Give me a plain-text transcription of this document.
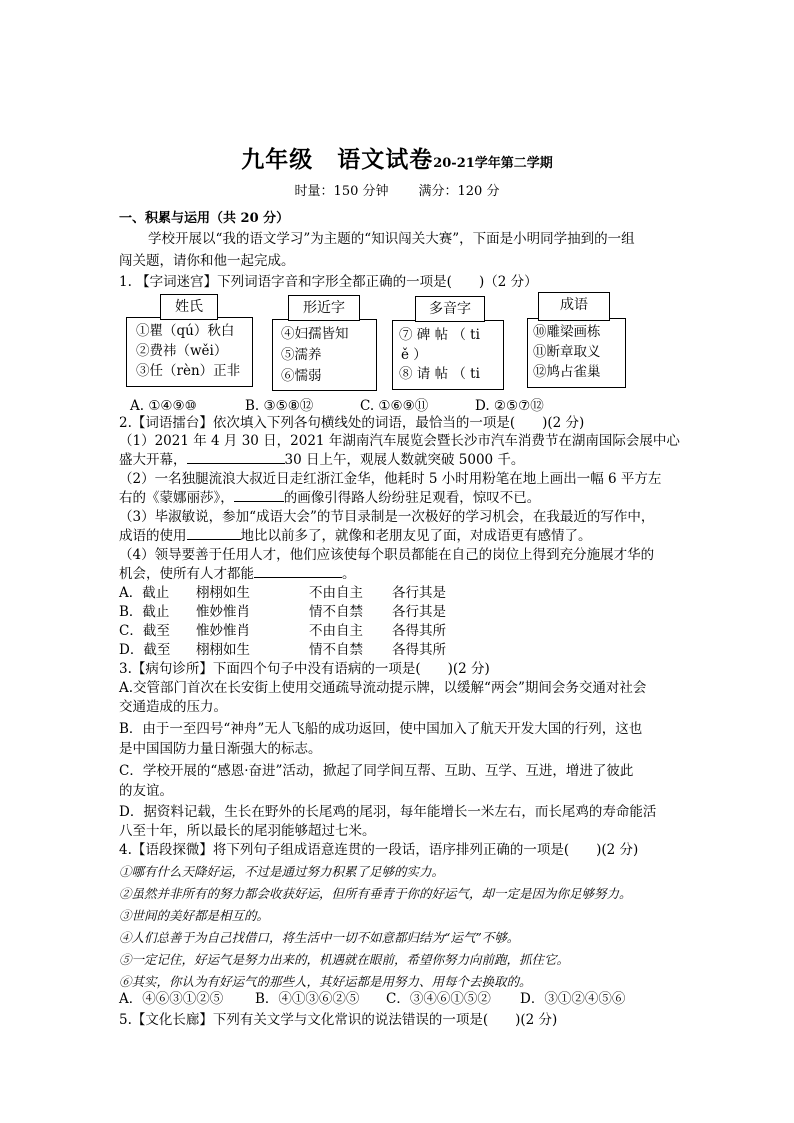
九年级　语文试卷20-21学年第二学期
时量：150 分钟 满分：120 分
一、积累与运用（共 20 分）
学校开展以“我的语文学习”为主题的“知识闯关大赛”，下面是小明同学抽到的一组
闯关题，请你和他一起完成。
1. 【字词迷宫】下列词语字音和字形全都正确的一项是(　　)（2 分）
①瞿（qú）秋白
②费祎（wěi）
③任（rèn）正非
姓氏
④妇孺皆知
⑤濡养
⑥懦弱
形近字
⑦ 碑 帖 （ ti
ě ）
⑧ 请 帖 （ ti
多音字
⑩雕梁画栋
⑪断章取义
⑫鸠占雀巢
成语
A. ①④⑨⑩	B. ③⑤⑧⑫	C. ①⑥⑨⑪	D. ②⑤⑦⑫
2.【词语擂台】依次填入下列各句横线处的词语，最恰当的一项是(　　)(2 分)
（1）2021 年 4 月 30 日，2021 年湖南汽车展览会暨长沙市汽车消费节在湖南国际会展中心
盛大开幕，	30 日上午，观展人数就突破 5000 千。
（2）一名独腿流浪大叔近日走红浙江金华，他耗时 5 小时用粉笔在地上画出一幅 6 平方左
右的《蒙娜丽莎》，	的画像引得路人纷纷驻足观看，惊叹不已。
（3）毕淑敏说，参加“成语大会”的节目录制是一次极好的学习机会，在我最近的写作中，
成语的使用	地比以前多了，就像和老朋友见了面，对成语更有感情了。
（4）领导要善于任用人才，他们应该使每个职员都能在自己的岗位上得到充分施展才华的
机会，使所有人才都能	。
A．截止 栩栩如生	不由自主 各行其是
B．截止 惟妙惟肖	情不自禁 各行其是
C．截至 惟妙惟肖	不由自主 各得其所
D．截至 栩栩如生	情不自禁 各得其所
3.【病句诊所】下面四个句子中没有语病的一项是(　　)(2 分)
A.交管部门首次在长安街上使用交通疏导流动提示牌，以缓解“两会”期间会务交通对社会
交通造成的压力。
B．由于一至四号“神舟”无人飞船的成功返回，使中国加入了航天开发大国的行列，这也
是中国国防力量日渐强大的标志。
C．学校开展的“感恩·奋进”活动，掀起了同学间互帮、互助、互学、互进，增进了彼此
的友谊。
D．据资料记载，生长在野外的长尾鸡的尾羽，每年能增长一米左右，而长尾鸡的寿命能活
八至十年，所以最长的尾羽能够超过七米。
4.【语段探微】将下列句子组成语意连贯的一段话，语序排列正确的一项是(　　)(2 分)
①哪有什么天降好运，不过是通过努力积累了足够的实力。
②虽然并非所有的努力都会收获好运，但所有垂青于你的好运气，却一定是因为你足够努力。
③世间的美好都是相互的。
④人们总善于为自己找借口，将生活中一切不如意都归结为“运气”不够。
⑤一定记住，好运气是努力出来的，机遇就在眼前，希望你努力向前跑，抓住它。
⑥其实，你认为有好运气的那些人，其好运都是用努力、用每个去换取的。
A．④⑥③①②⑤ B．④①③⑥②⑤ C．③④⑥①⑤② D．③①②④⑤⑥
5.【文化长廊】下列有关文学与文化常识的说法错误的一项是(　　)(2 分)
